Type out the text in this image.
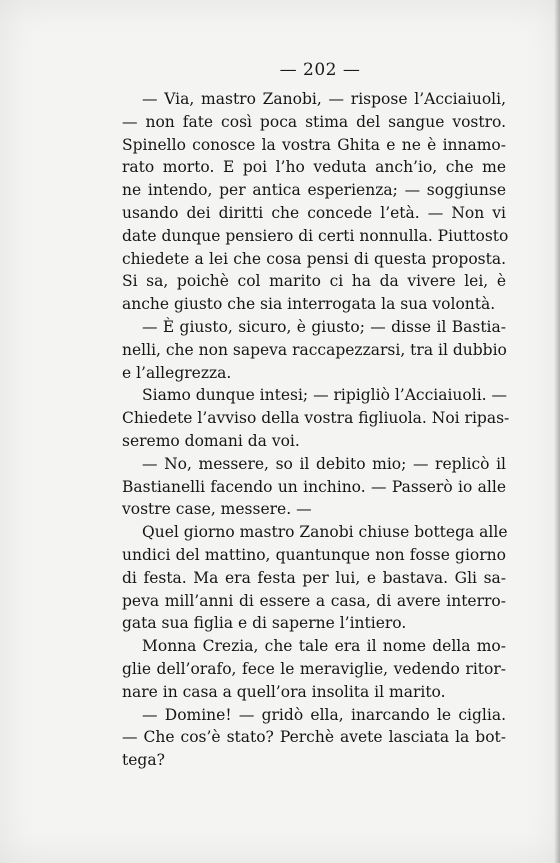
— 202 —
— Via, mastro Zanobi, — rispose l’Acciaiuoli,
— non fate così poca stima del sangue vostro.
Spinello conosce la vostra Ghita e ne è innamo-
rato morto. E poi l’ho veduta anch’io, che me
ne intendo, per antica esperienza; — soggiunse
usando dei diritti che concede l’età. — Non vi
date dunque pensiero di certi nonnulla. Piuttosto
chiedete a lei che cosa pensi di questa proposta.
Si sa, poichè col marito ci ha da vivere lei, è
anche giusto che sia interrogata la sua volontà.
— È giusto, sicuro, è giusto; — disse il Bastia-
nelli, che non sapeva raccapezzarsi, tra il dubbio
e l’allegrezza.
Siamo dunque intesi; — ripigliò l’Acciaiuoli. —
Chiedete l’avviso della vostra figliuola. Noi ripas-
seremo domani da voi.
— No, messere, so il debito mio; — replicò il
Bastianelli facendo un inchino. — Passerò io alle
vostre case, messere. —
Quel giorno mastro Zanobi chiuse bottega alle
undici del mattino, quantunque non fosse giorno
di festa. Ma era festa per lui, e bastava. Gli sa-
peva mill’anni di essere a casa, di avere interro-
gata sua figlia e di saperne l’intiero.
Monna Crezia, che tale era il nome della mo-
glie dell’orafo, fece le meraviglie, vedendo ritor-
nare in casa a quell’ora insolita il marito.
— Domine! — gridò ella, inarcando le ciglia.
— Che cos’è stato? Perchè avete lasciata la bot-
tega?
